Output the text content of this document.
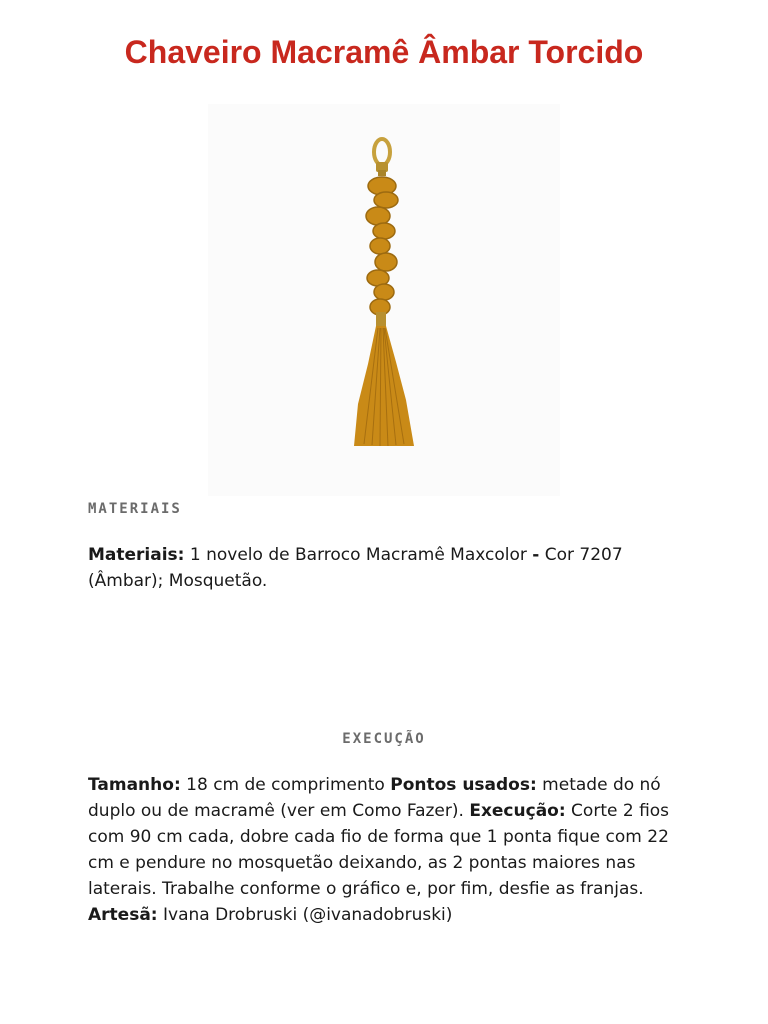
Chaveiro Macramê Âmbar Torcido

MATERIAIS

Materiais: 1 novelo de Barroco Macramê Maxcolor - Cor 7207 (Âmbar); Mosquetão.

EXECUÇÃO

Tamanho: 18 cm de comprimento Pontos usados: metade do nó duplo ou de macramê (ver em Como Fazer). Execução: Corte 2 fios com 90 cm cada, dobre cada fio de forma que 1 ponta fique com 22 cm e pendure no mosquetão deixando, as 2 pontas maiores nas laterais. Trabalhe conforme o gráfico e, por fim, desfie as franjas.   Artesã: Ivana Drobruski (@ivanadobruski)
